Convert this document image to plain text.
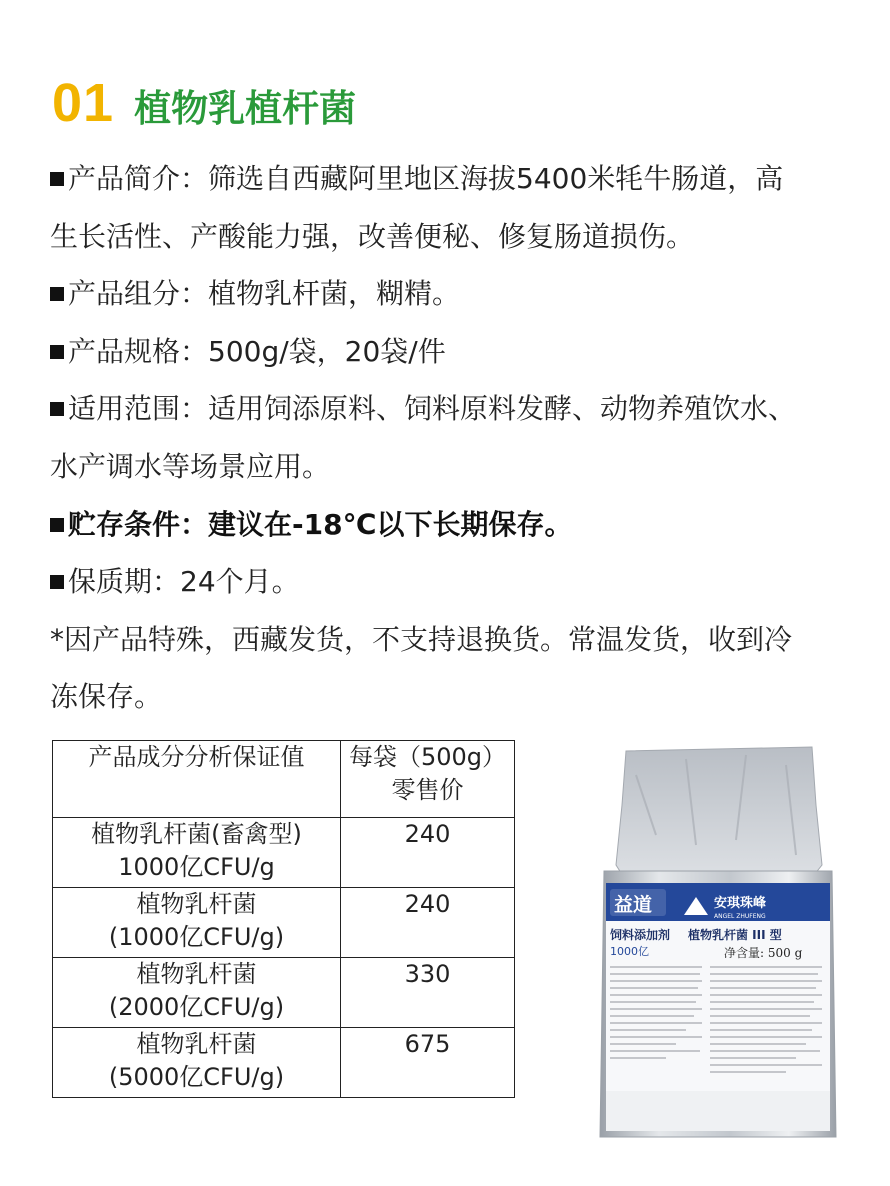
01 植物乳植杆菌
产品简介：筛选自西藏阿里地区海拔5400米牦牛肠道，高
生长活性、产酸能力强，改善便秘、修复肠道损伤。
产品组分：植物乳杆菌，糊精。
产品规格：500g/袋，20袋/件
适用范围：适用饲添原料、饲料原料发酵、动物养殖饮水、
水产调水等场景应用。
贮存条件：建议在-18℃以下长期保存。
保质期：24个月。
*因产品特殊，西藏发货，不支持退换货。常温发货，收到冷
冻保存。
产品成分分析保证值	每袋（500g）
零售价

植物乳杆菌(畜禽型)
1000亿CFU/g	240

植物乳杆菌
(1000亿CFU/g)	240

植物乳杆菌
(2000亿CFU/g)	330

植物乳杆菌
(5000亿CFU/g)	675
益道	安琪珠峰
ANGEL ZHUFENG
饲料添加剂 植物乳杆菌 III 型
1000亿	净含量: 500 g
